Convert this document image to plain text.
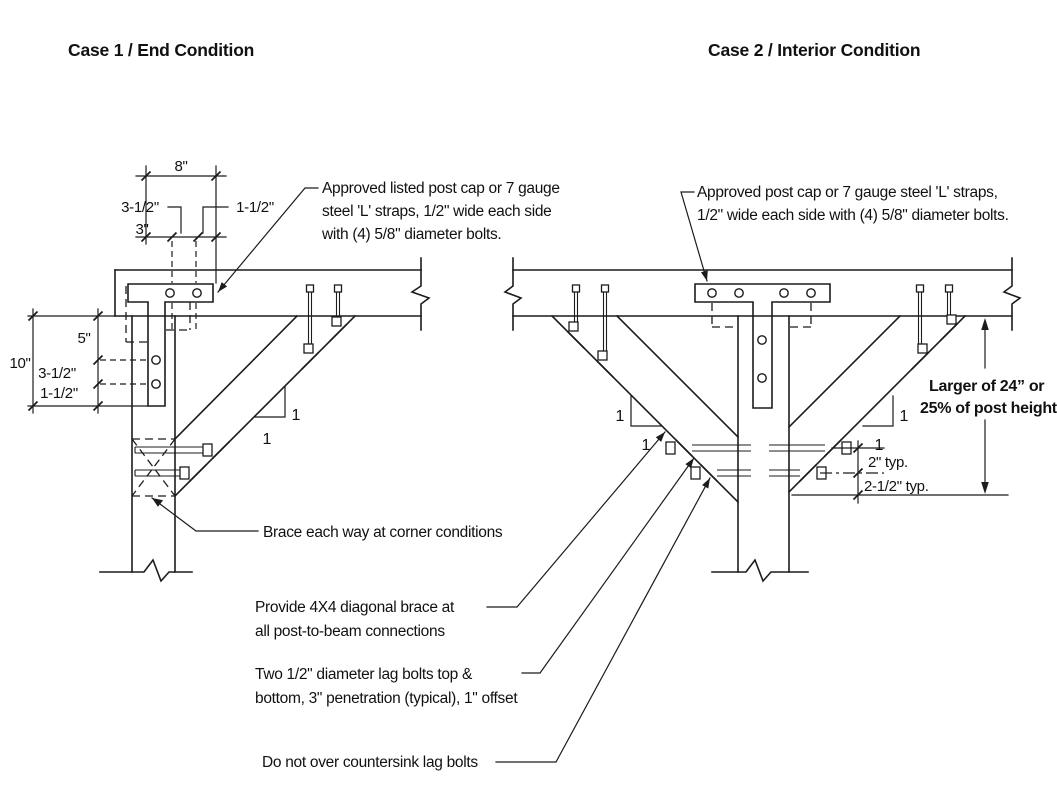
Case 1 / End Condition	Case 2 / Interior Condition
1
1
8"
3-1/2"	1-1/2"
3"
10"
5"
3-1/2"
1-1/2"
1
1
1
1
2" typ.
2-1/2" typ.
Larger of 24” or
25% of post height
Approved listed post cap or 7 gauge
steel 'L' straps, 1/2" wide each side
with (4) 5/8" diameter bolts.
Approved post cap or 7 gauge steel 'L' straps,
1/2" wide each side with (4) 5/8" diameter bolts.
Brace each way at corner conditions
Provide 4X4 diagonal brace at
all post-to-beam connections
Two 1/2" diameter lag bolts top &
bottom, 3" penetration (typical), 1" offset
Do not over countersink lag bolts
